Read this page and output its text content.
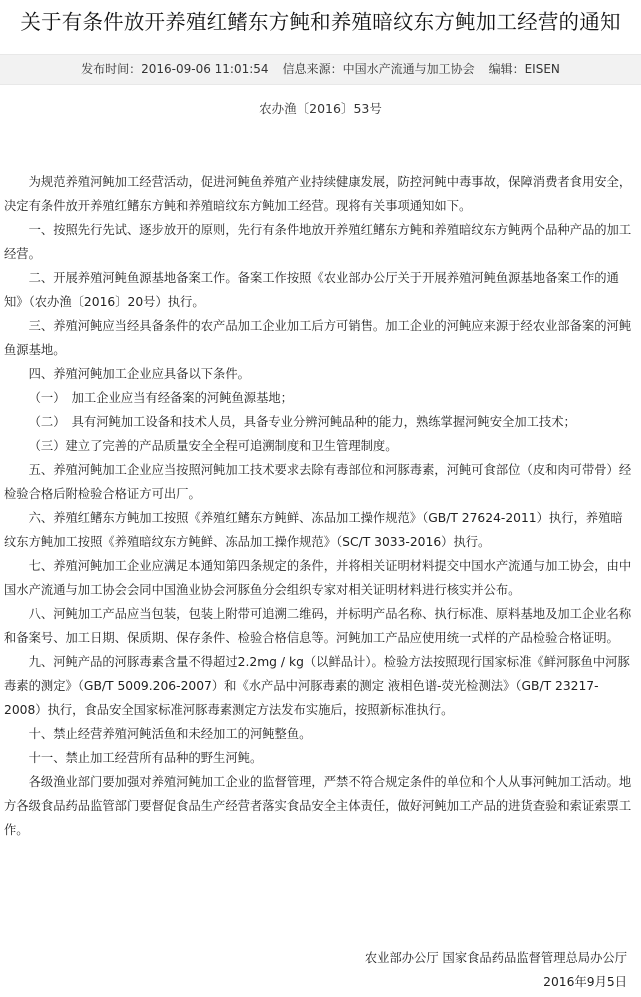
关于有条件放开养殖红鳍东方鲀和养殖暗纹东方鲀加工经营的通知
发布时间：2016-09-06 11:01:54 信息来源：中国水产流通与加工协会 编辑：EISEN
农办渔〔2016〕53号

为规范养殖河鲀加工经营活动，促进河鲀鱼养殖产业持续健康发展，防控河鲀中毒事故，保障消费者食用安全，决定有条件放开养殖红鳍东方鲀和养殖暗纹东方鲀加工经营。现将有关事项通知如下。

一、按照先行先试、逐步放开的原则，先行有条件地放开养殖红鳍东方鲀和养殖暗纹东方鲀两个品种产品的加工经营。

二、开展养殖河鲀鱼源基地备案工作。备案工作按照《农业部办公厅关于开展养殖河鲀鱼源基地备案工作的通知》（农办渔〔2016〕20号）执行。

三、养殖河鲀应当经具备条件的农产品加工企业加工后方可销售。加工企业的河鲀应来源于经农业部备案的河鲀鱼源基地。

四、养殖河鲀加工企业应具备以下条件。

（一）　加工企业应当有经备案的河鲀鱼源基地；

（二）　具有河鲀加工设备和技术人员，具备专业分辨河鲀品种的能力，熟练掌握河鲀安全加工技术；

（三）建立了完善的产品质量安全全程可追溯制度和卫生管理制度。

五、养殖河鲀加工企业应当按照河鲀加工技术要求去除有毒部位和河豚毒素，河鲀可食部位（皮和肉可带骨）经检验合格后附检验合格证方可出厂。

六、养殖红鳍东方鲀加工按照《养殖红鳍东方鲀鲜、冻品加工操作规范》（GB/T 27624-2011）执行，养殖暗纹东方鲀加工按照《养殖暗纹东方鲀鲜、冻品加工操作规范》（SC/T 3033-2016）执行。

七、养殖河鲀加工企业应满足本通知第四条规定的条件，并将相关证明材料提交中国水产流通与加工协会，由中国水产流通与加工协会会同中国渔业协会河豚鱼分会组织专家对相关证明材料进行核实并公布。

八、河鲀加工产品应当包装，包装上附带可追溯二维码，并标明产品名称、执行标准、原料基地及加工企业名称和备案号、加工日期、保质期、保存条件、检验合格信息等。河鲀加工产品应使用统一式样的产品检验合格证明。

九、河鲀产品的河豚毒素含量不得超过2.2mg / kg（以鲜品计）。检验方法按照现行国家标准《鲜河豚鱼中河豚毒素的测定》（GB/T 5009.206-2007）和《水产品中河豚毒素的测定 液相色谱-荧光检测法》（GB/T 23217-2008）执行，食品安全国家标准河豚毒素测定方法发布实施后，按照新标准执行。

十、禁止经营养殖河鲀活鱼和未经加工的河鲀整鱼。

十一、禁止加工经营所有品种的野生河鲀。

各级渔业部门要加强对养殖河鲀加工企业的监督管理，严禁不符合规定条件的单位和个人从事河鲀加工活动。地方各级食品药品监管部门要督促食品生产经营者落实食品安全主体责任，做好河鲀加工产品的进货查验和索证索票工作。

农业部办公厅 国家食品药品监督管理总局办公厅
2016年9月5日
